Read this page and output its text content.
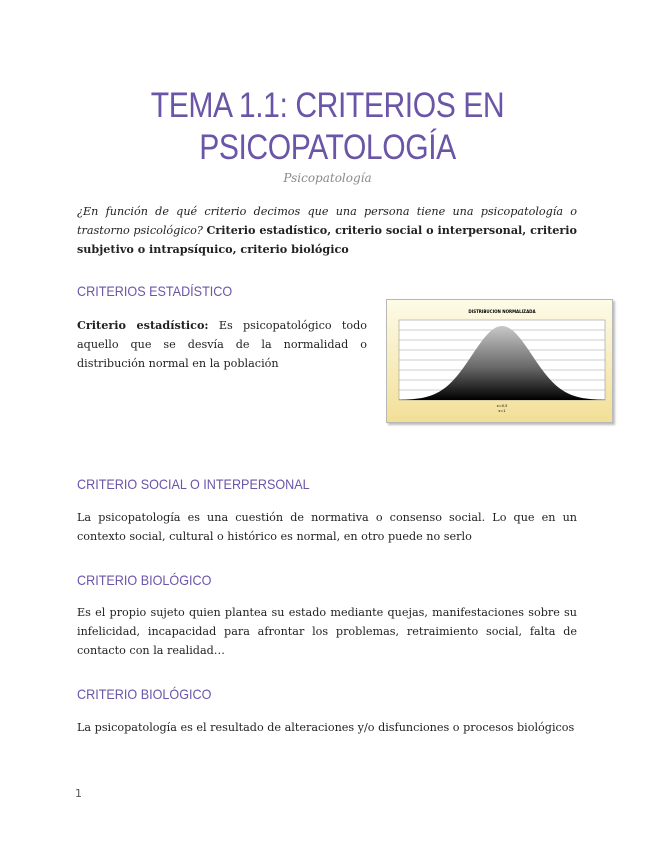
TEMA 1.1: CRITERIOS EN
PSICOPATOLOGÍA
Psicopatología
¿En función de qué criterio decimos que una persona tiene una psicopatología o trastorno psicológico? Criterio estadístico, criterio social o interpersonal, criterio subjetivo o intrapsíquico, criterio biológico
CRITERIOS ESTADÍSTICO
Criterio estadístico: Es psicopatológico todo aquello que se desvía de la normalidad o distribución normal en la población
DISTRIBUCION NORMALIZADA
x=0.5
s=1
CRITERIO SOCIAL O INTERPERSONAL
La psicopatología es una cuestión de normativa o consenso social. Lo que en un contexto social, cultural o histórico es normal, en otro puede no serlo
CRITERIO BIOLÓGICO
Es el propio sujeto quien plantea su estado mediante quejas, manifestaciones sobre su infelicidad, incapacidad para afrontar los problemas, retraimiento social, falta de contacto con la realidad…
CRITERIO BIOLÓGICO
La psicopatología es el resultado de alteraciones y/o disfunciones o procesos biológicos
1
